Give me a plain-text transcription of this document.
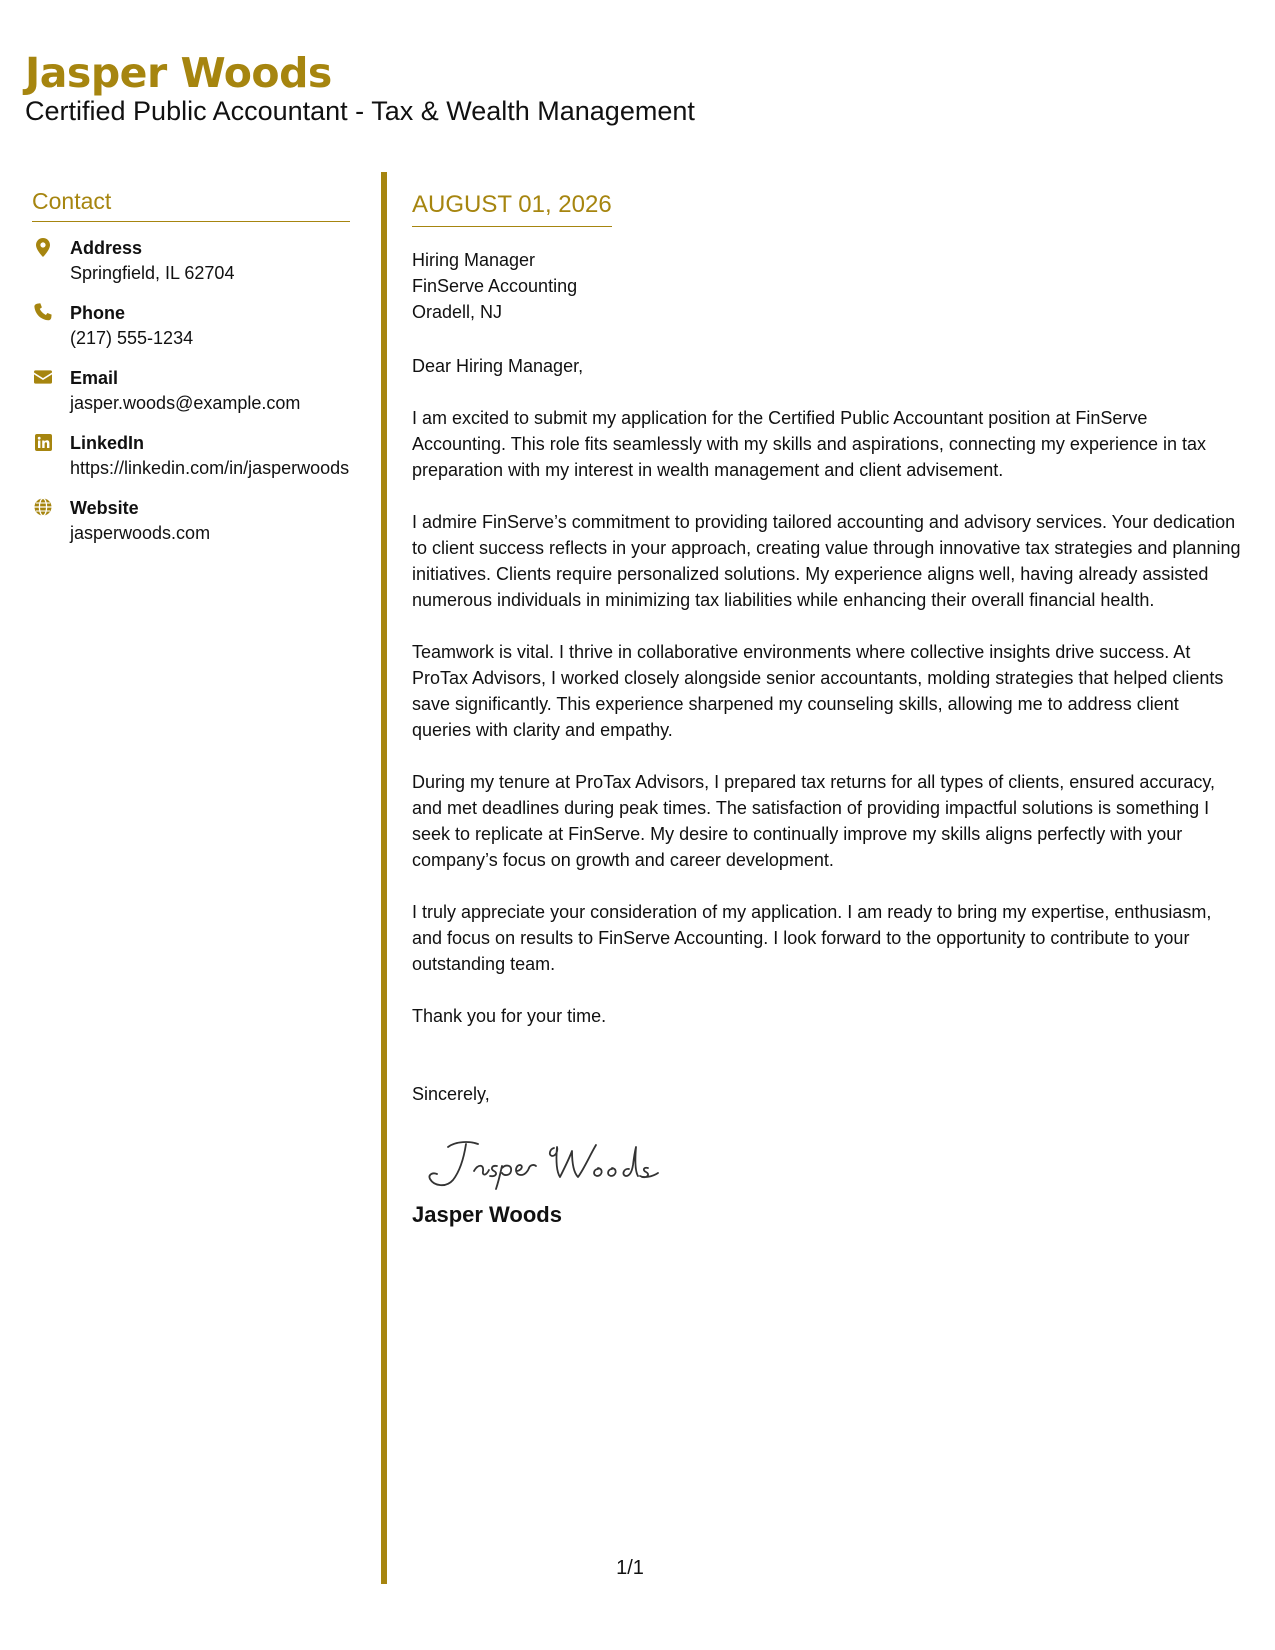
Jasper Woods
Certified Public Accountant - Tax & Wealth Management
Contact
Address
Springfield, IL 62704
Phone
(217) 555-1234
Email
jasper.woods@example.com
LinkedIn
https://linkedin.com/in/jasperwoods
Website
jasperwoods.com
AUGUST 01, 2026
Hiring Manager
FinServe Accounting
Oradell, NJ
Dear Hiring Manager,
I am excited to submit my application for the Certified Public Accountant position at FinServe Accounting. This role fits seamlessly with my skills and aspirations, connecting my experience in tax preparation with my interest in wealth management and client advisement.
I admire FinServe’s commitment to providing tailored accounting and advisory services. Your dedication to client success reflects in your approach, creating value through innovative tax strategies and planning initiatives. Clients require personalized solutions. My experience aligns well, having already assisted numerous individuals in minimizing tax liabilities while enhancing their overall financial health.
Teamwork is vital. I thrive in collaborative environments where collective insights drive success. At ProTax Advisors, I worked closely alongside senior accountants, molding strategies that helped clients save significantly. This experience sharpened my counseling skills, allowing me to address client queries with clarity and empathy.
During my tenure at ProTax Advisors, I prepared tax returns for all types of clients, ensured accuracy, and met deadlines during peak times. The satisfaction of providing impactful solutions is something I seek to replicate at FinServe. My desire to continually improve my skills aligns perfectly with your company’s focus on growth and career development.
I truly appreciate your consideration of my application. I am ready to bring my expertise, enthusiasm, and focus on results to FinServe Accounting. I look forward to the opportunity to contribute to your outstanding team.
Thank you for your time.
Sincerely,
Jasper Woods
1/1
